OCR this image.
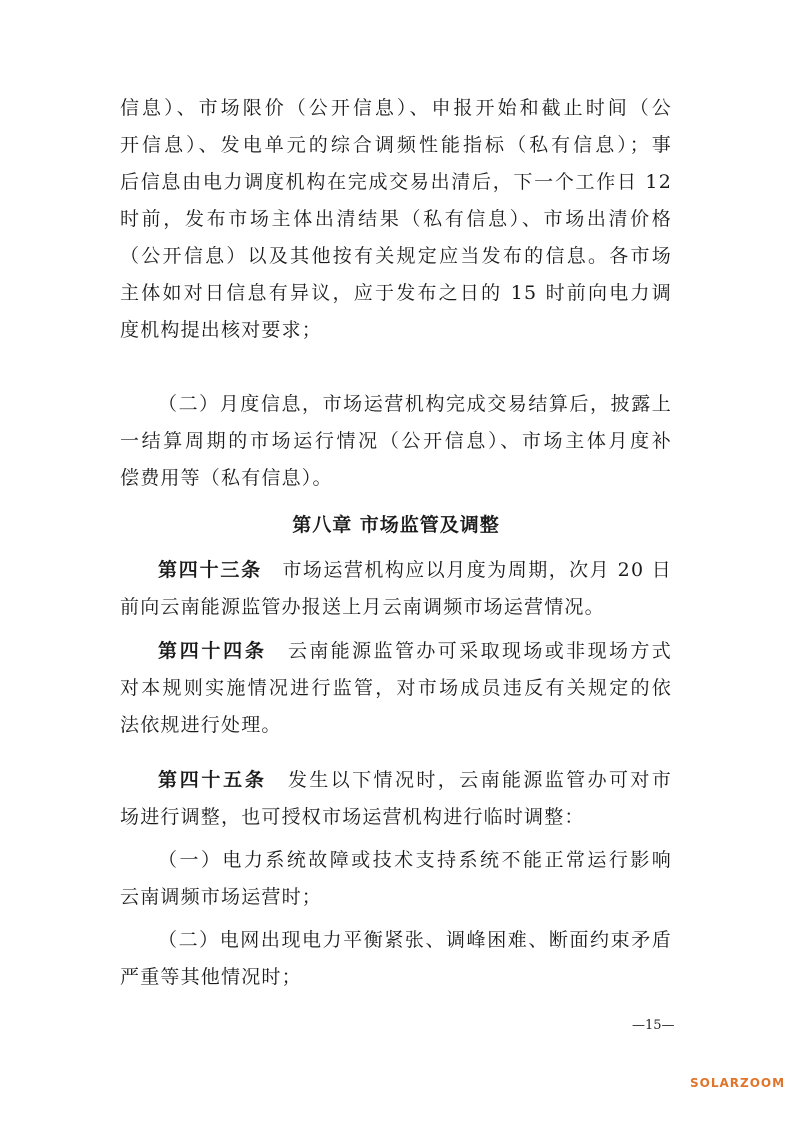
信息）、市场限价（公开信息）、申报开始和截止时间（公
开信息）、发电单元的综合调频性能指标（私有信息）；事
后信息由电力调度机构在完成交易出清后，下一个工作日 12
时前，发布市场主体出清结果（私有信息）、市场出清价格
（公开信息）以及其他按有关规定应当发布的信息。各市场
主体如对日信息有异议，应于发布之日的 15 时前向电力调
度机构提出核对要求；
（二）月度信息，市场运营机构完成交易结算后，披露上
一结算周期的市场运行情况（公开信息）、市场主体月度补
偿费用等（私有信息）。
第八章 市场监管及调整
第四十三条　 市场运营机构应以月度为周期，次月 20 日
前向云南能源监管办报送上月云南调频市场运营情况。
第四十四条　 云南能源监管办可采取现场或非现场方式
对本规则实施情况进行监管，对市场成员违反有关规定的依
法依规进行处理。
第四十五条　 发生以下情况时，云南能源监管办可对市
场进行调整，也可授权市场运营机构进行临时调整：
（一）电力系统故障或技术支持系统不能正常运行影响
云南调频市场运营时；
（二）电网出现电力平衡紧张、调峰困难、断面约束矛盾
严重等其他情况时；
—15—
SOLARZOOM
